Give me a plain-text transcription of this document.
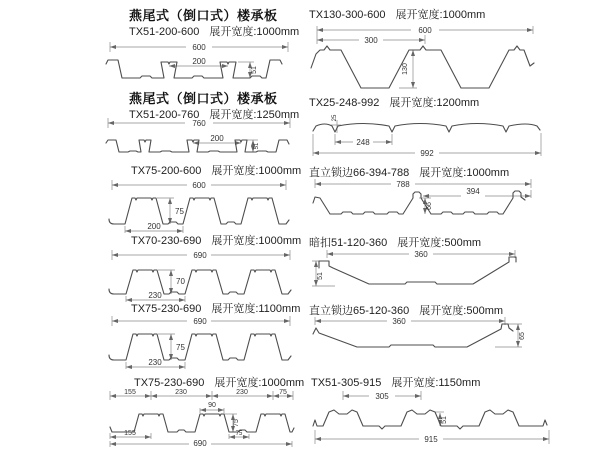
燕尾式（倒口式）楼承板
TX51-200-600 展开宽度:1000mm
600
200
51
燕尾式（倒口式）楼承板
TX51-200-760 展开宽度:1250mm
760
200
51
TX75-200-600 展开宽度:1000mm
600
75
200
TX70-230-690 展开宽度:1000mm
690
70
230
TX75-230-690 展开宽度:1100mm
690
75
230
TX75-230-690 展开宽度:1000mm
155	230	230	75
90
75
155	75
690
TX130-300-600 展开宽度:1000mm
600
300
130
TX25-248-992 展开宽度:1200mm
25
248
992
直立锁边66-394-788 展开宽度:1000mm
788
66
394
暗扣51-120-360 展开宽度:500mm
360
51
直立锁边65-120-360 展开宽度:500mm
360
65
TX51-305-915 展开宽度:1150mm
305
51
915
